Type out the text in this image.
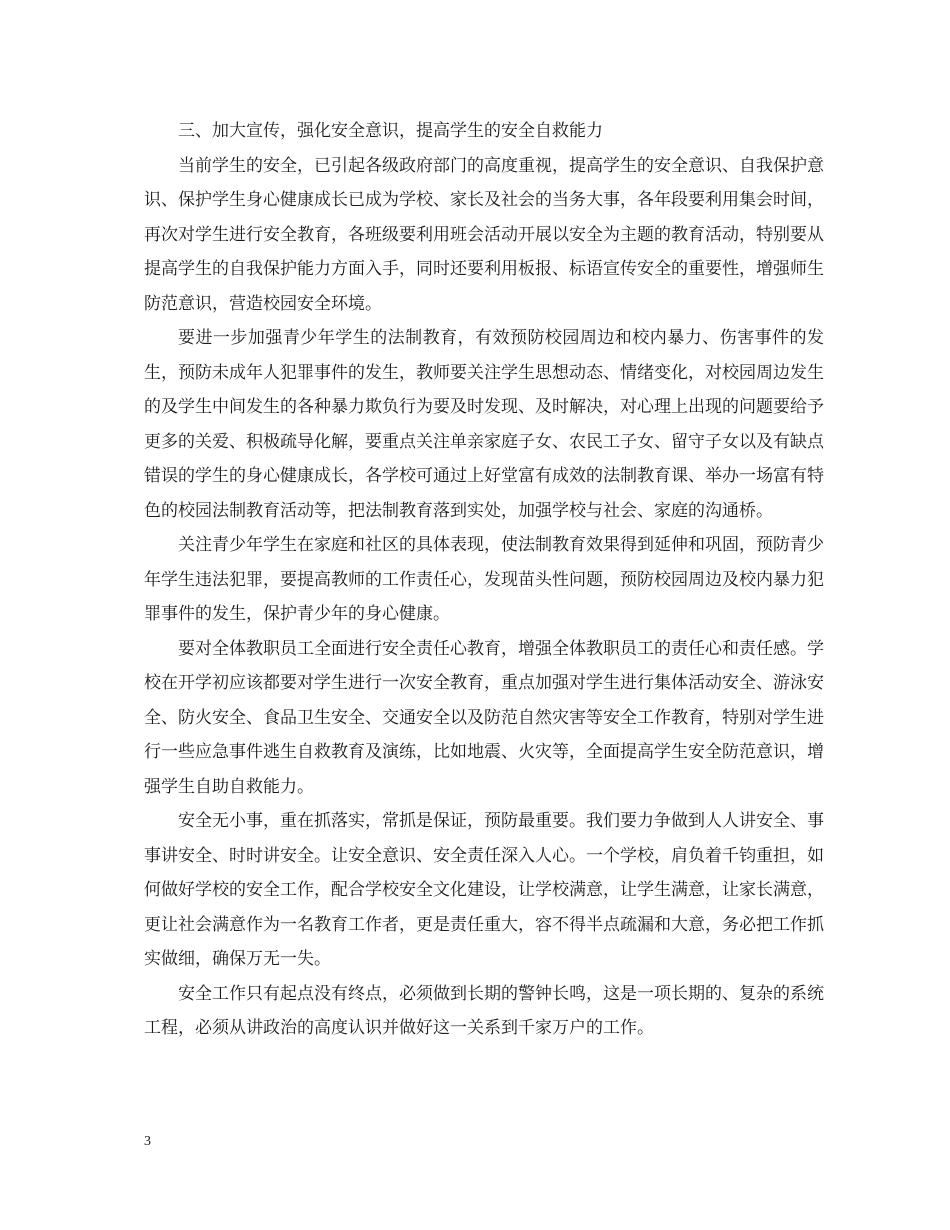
三、加大宣传，强化安全意识，提高学生的安全自救能力

当前学生的安全，已引起各级政府部门的高度重视，提高学生的安全意识、自我保护意识、保护学生身心健康成长已成为学校、家长及社会的当务大事，各年段要利用集会时间，再次对学生进行安全教育，各班级要利用班会活动开展以安全为主题的教育活动，特别要从提高学生的自我保护能力方面入手，同时还要利用板报、标语宣传安全的重要性，增强师生防范意识，营造校园安全环境。

要进一步加强青少年学生的法制教育，有效预防校园周边和校内暴力、伤害事件的发生，预防未成年人犯罪事件的发生，教师要关注学生思想动态、情绪变化，对校园周边发生的及学生中间发生的各种暴力欺负行为要及时发现、及时解决，对心理上出现的问题要给予更多的关爱、积极疏导化解，要重点关注单亲家庭子女、农民工子女、留守子女以及有缺点错误的学生的身心健康成长，各学校可通过上好堂富有成效的法制教育课、举办一场富有特色的校园法制教育活动等，把法制教育落到实处，加强学校与社会、家庭的沟通桥。

关注青少年学生在家庭和社区的具体表现，使法制教育效果得到延伸和巩固，预防青少年学生违法犯罪，要提高教师的工作责任心，发现苗头性问题，预防校园周边及校内暴力犯罪事件的发生，保护青少年的身心健康。

要对全体教职员工全面进行安全责任心教育，增强全体教职员工的责任心和责任感。学校在开学初应该都要对学生进行一次安全教育，重点加强对学生进行集体活动安全、游泳安全、防火安全、食品卫生安全、交通安全以及防范自然灾害等安全工作教育，特别对学生进行一些应急事件逃生自救教育及演练，比如地震、火灾等，全面提高学生安全防范意识，增强学生自助自救能力。

安全无小事，重在抓落实，常抓是保证，预防最重要。我们要力争做到人人讲安全、事事讲安全、时时讲安全。让安全意识、安全责任深入人心。一个学校，肩负着千钧重担，如何做好学校的安全工作，配合学校安全文化建设，让学校满意，让学生满意，让家长满意，更让社会满意作为一名教育工作者，更是责任重大，容不得半点疏漏和大意，务必把工作抓实做细，确保万无一失。

安全工作只有起点没有终点，必须做到长期的警钟长鸣，这是一项长期的、复杂的系统工程，必须从讲政治的高度认识并做好这一关系到千家万户的工作。

3
